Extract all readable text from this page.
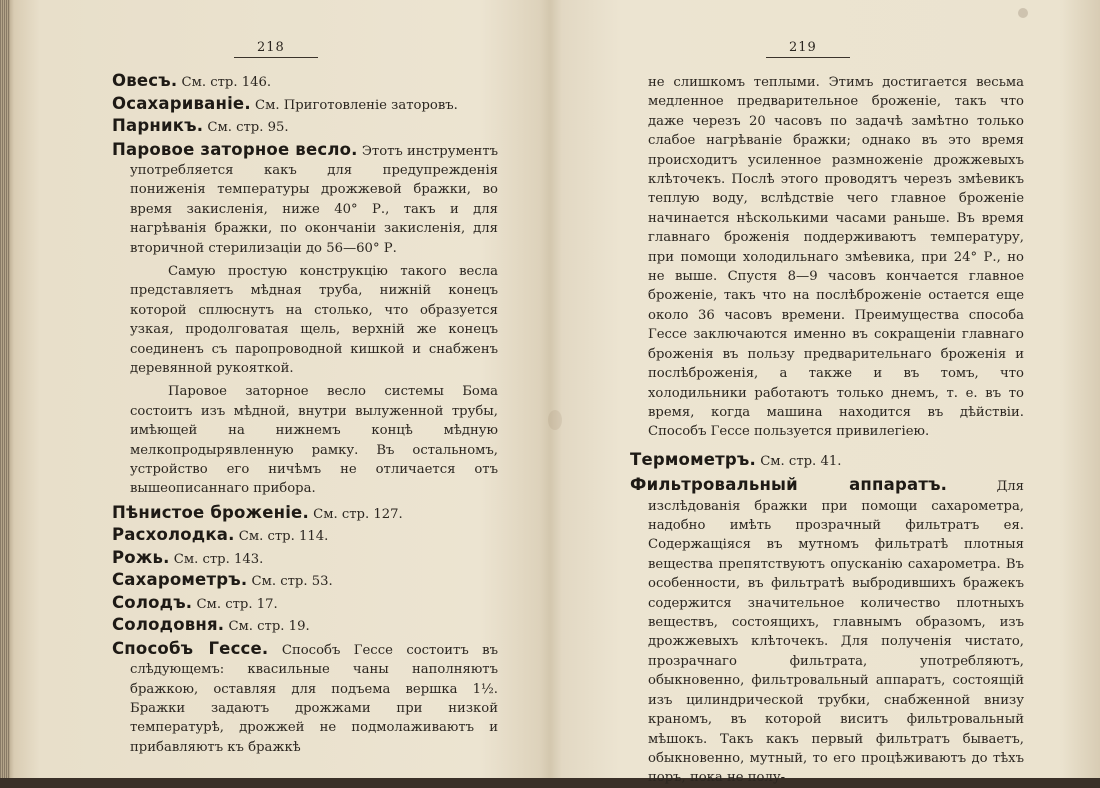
218
Овесъ. См. стр. 146.
Осахариваніе. См. Приготовленіе заторовъ.
Парникъ. См. стр. 95.

Паровое заторное весло. Этотъ инструментъ употребляется какъ для предупрежденія пониженія температуры дрожжевой бражки, во время закисленія, ниже 40° Р., такъ и для нагрѣванія бражки, по окончаніи закисленія, для вторичной стерилизаціи до 56—60° Р.

Самую простую конструкцію такого весла представляетъ мѣдная труба, нижній конецъ которой сплюснутъ на столько, что образуется узкая, продолговатая щель, верхній же конецъ соединенъ съ паропроводной кишкой и снабженъ деревянной рукояткой.

Паровое заторное весло системы Бома состоитъ изъ мѣдной, внутри вылуженной трубы, имѣющей на нижнемъ концѣ мѣдную мелкопродырявленную рамку. Въ остальномъ, устройство его ничѣмъ не отличается отъ вышеописаннаго прибора.

Пѣнистое броженіе. См. стр. 127.
Расхолодка. См. стр. 114.
Рожь. См. стр. 143.
Сахарометръ. См. стр. 53.
Солодъ. См. стр. 17.
Солодовня. См. стр. 19.

Способъ Гессе. Способъ Гессе состоитъ въ слѣдующемъ: квасильные чаны наполняютъ бражкою, оставляя для подъема вершка 1½. Бражки задаютъ дрожжами при низкой температурѣ, дрожжей не подмолаживаютъ и прибавляютъ къ бражкѣ

219

не слишкомъ теплыми. Этимъ достигается весьма медленное предварительное броженіе, такъ что даже черезъ 20 часовъ по задачѣ замѣтно только слабое нагрѣваніе бражки; однако въ это время происходитъ усиленное размноженіе дрожжевыхъ клѣточекъ. Послѣ этого проводятъ черезъ змѣевикъ теплую воду, вслѣдствіе чего главное броженіе начинается нѣсколькими часами раньше. Въ время главнаго броженія поддерживаютъ температуру, при помощи холодильнаго змѣевика, при 24° Р., но не выше. Спустя 8—9 часовъ кончается главное броженіе, такъ что на послѣброженіе остается еще около 36 часовъ времени. Преимущества способа Гессе заключаются именно въ сокращеніи главнаго броженія въ пользу предварительнаго броженія и послѣброженія, а также и въ томъ, что холодильники работаютъ только днемъ, т. е. въ то время, когда машина находится въ дѣйствіи. Способъ Гессе пользуется привилегіею.

Термометръ. См. стр. 41.

Фильтровальный аппаратъ.	Для изслѣдованія бражки при помощи сахарометра, надобно имѣть прозрачный фильтратъ ея. Содержащіяся въ мутномъ фильтратѣ плотныя вещества препятствуютъ опусканію сахарометра. Въ особенности, въ фильтратѣ выбродившихъ бражекъ содержится значительное количество плотныхъ веществъ, состоящихъ, главнымъ образомъ, изъ дрожжевыхъ клѣточекъ. Для полученія чистато, прозрачнаго фильтрата, употребляютъ, обыкновенно, фильтровальный аппаратъ, состоящій изъ цилиндрической трубки, снабженной внизу краномъ, въ которой виситъ фильтровальный мѣшокъ. Такъ какъ первый фильтратъ бываетъ, обыкновенно, мутный, то его процѣживаютъ до тѣхъ поръ, пока не полу-
